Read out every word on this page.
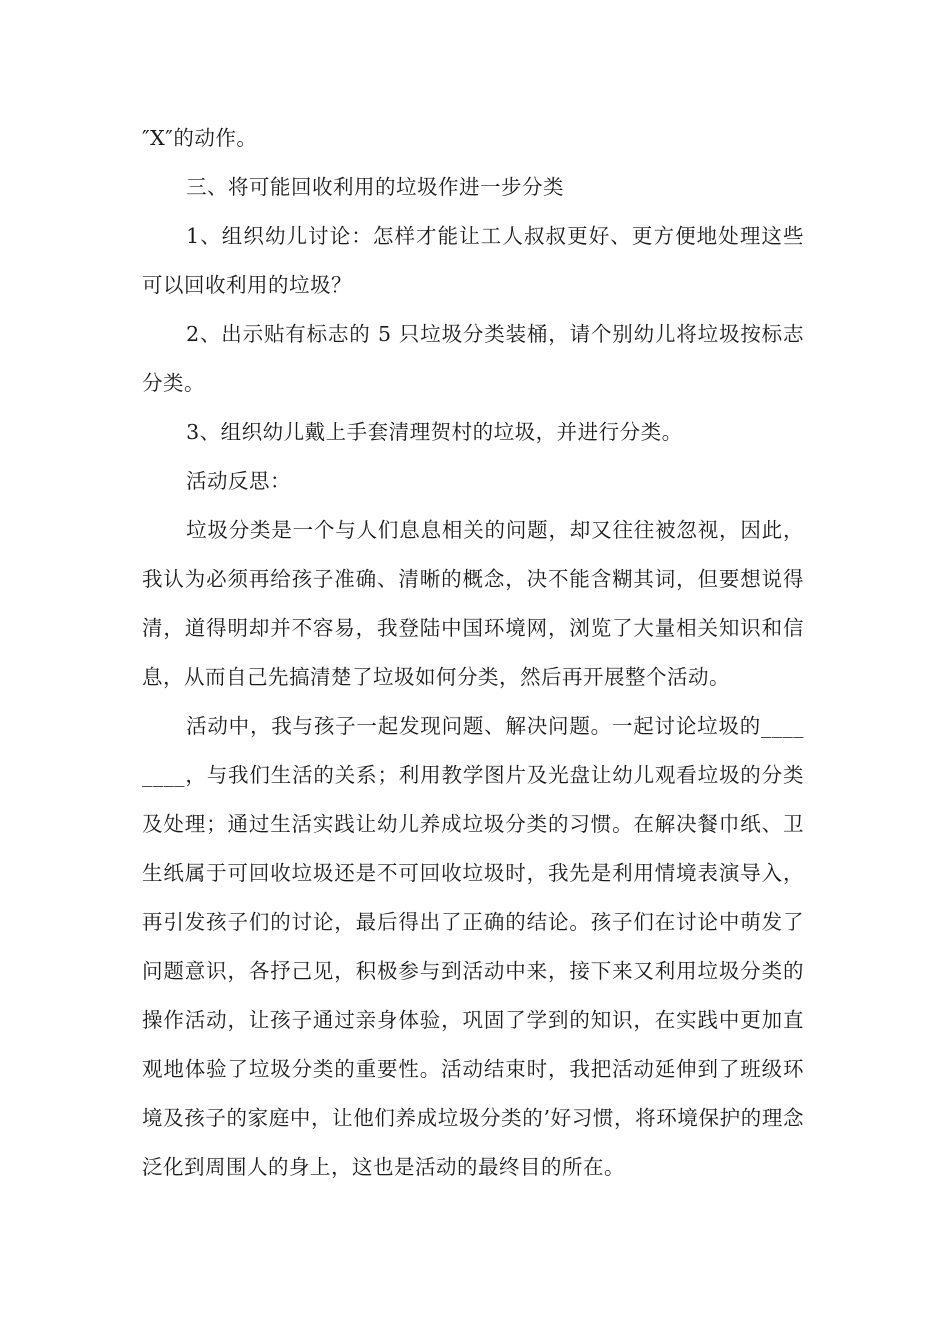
″X″的动作。

三、将可能回收利用的垃圾作进一步分类

1、组织幼儿讨论：怎样才能让工人叔叔更好、更方便地处理这些可以回收利用的垃圾？

2、出示贴有标志的 5 只垃圾分类装桶，请个别幼儿将垃圾按标志分类。

3、组织幼儿戴上手套清理贺村的垃圾，并进行分类。

活动反思：

垃圾分类是一个与人们息息相关的问题，却又往往被忽视，因此，我认为必须再给孩子准确、清晰的概念，决不能含糊其词，但要想说得清，道得明却并不容易，我登陆中国环境网，浏览了大量相关知识和信息，从而自己先搞清楚了垃圾如何分类，然后再开展整个活动。

活动中，我与孩子一起发现问题、解决问题。一起讨论垃圾的________，与我们生活的关系；利用教学图片及光盘让幼儿观看垃圾的分类及处理；通过生活实践让幼儿养成垃圾分类的习惯。在解决餐巾纸、卫生纸属于可回收垃圾还是不可回收垃圾时，我先是利用情境表演导入，再引发孩子们的讨论，最后得出了正确的结论。孩子们在讨论中萌发了问题意识，各抒己见，积极参与到活动中来，接下来又利用垃圾分类的操作活动，让孩子通过亲身体验，巩固了学到的知识，在实践中更加直观地体验了垃圾分类的重要性。活动结束时，我把活动延伸到了班级环境及孩子的家庭中，让他们养成垃圾分类的’好习惯，将环境保护的理念泛化到周围人的身上，这也是活动的最终目的所在。
